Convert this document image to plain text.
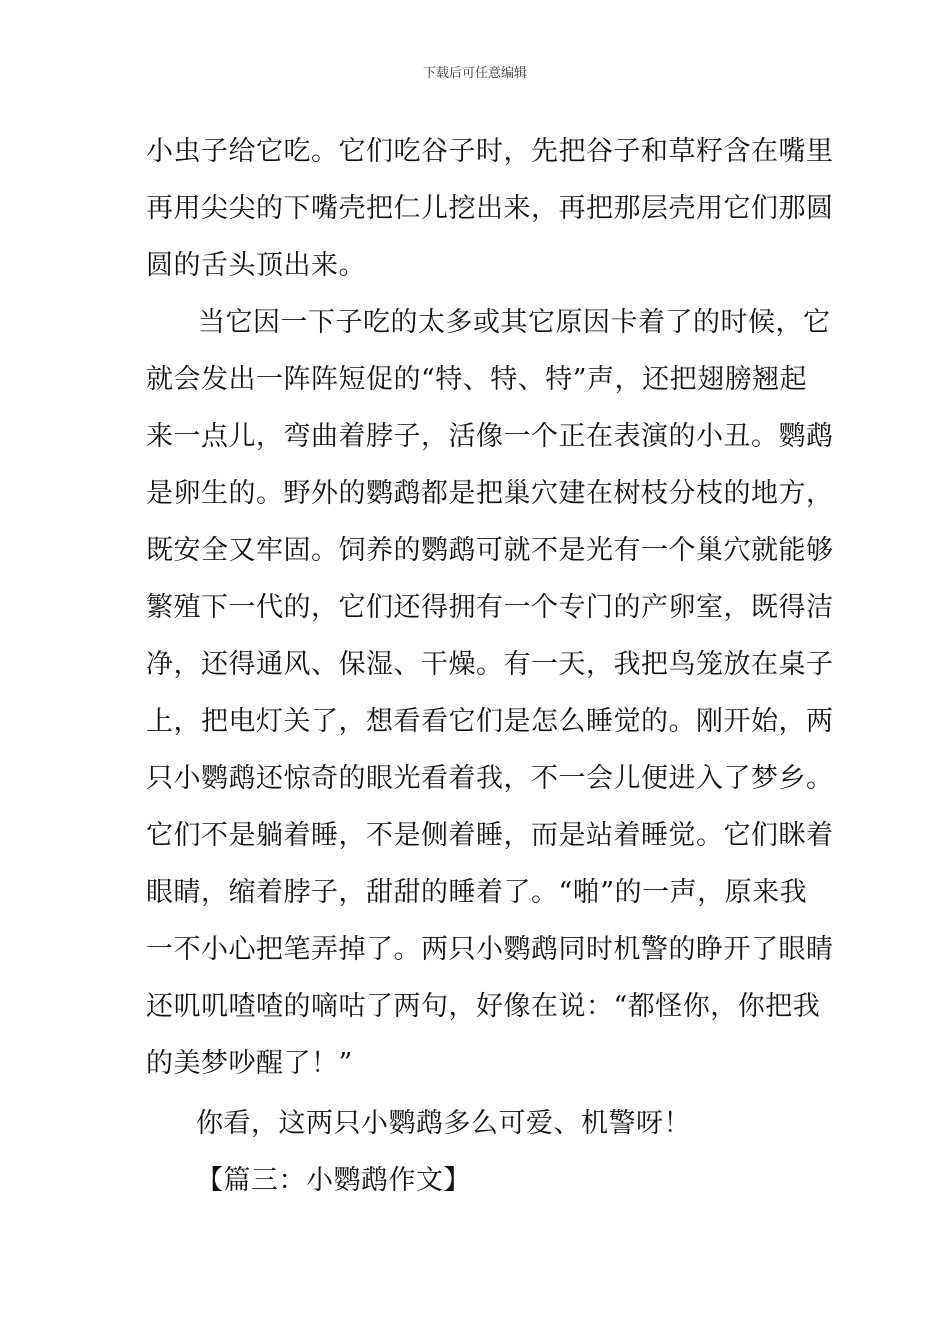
下载后可任意编辑
小虫子给它吃。它们吃谷子时，先把谷子和草籽含在嘴里
再用尖尖的下嘴壳把仁儿挖出来，再把那层壳用它们那圆
圆的舌头顶出来。
当它因一下子吃的太多或其它原因卡着了的时候，它
就会发出一阵阵短促的“特、特、特”声，还把翅膀翘起
来一点儿，弯曲着脖子，活像一个正在表演的小丑。鹦鹉
是卵生的。野外的鹦鹉都是把巢穴建在树枝分枝的地方，
既安全又牢固。饲养的鹦鹉可就不是光有一个巢穴就能够
繁殖下一代的，它们还得拥有一个专门的产卵室，既得洁
净，还得通风、保湿、干燥。有一天，我把鸟笼放在桌子
上，把电灯关了，想看看它们是怎么睡觉的。刚开始，两
只小鹦鹉还惊奇的眼光看着我，不一会儿便进入了梦乡。
它们不是躺着睡，不是侧着睡，而是站着睡觉。它们眯着
眼睛，缩着脖子，甜甜的睡着了。“啪”的一声，原来我
一不小心把笔弄掉了。两只小鹦鹉同时机警的睁开了眼睛
还叽叽喳喳的嘀咕了两句，好像在说：“都怪你，你把我
的美梦吵醒了！”
你看，这两只小鹦鹉多么可爱、机警呀！
【篇三：小鹦鹉作文】
